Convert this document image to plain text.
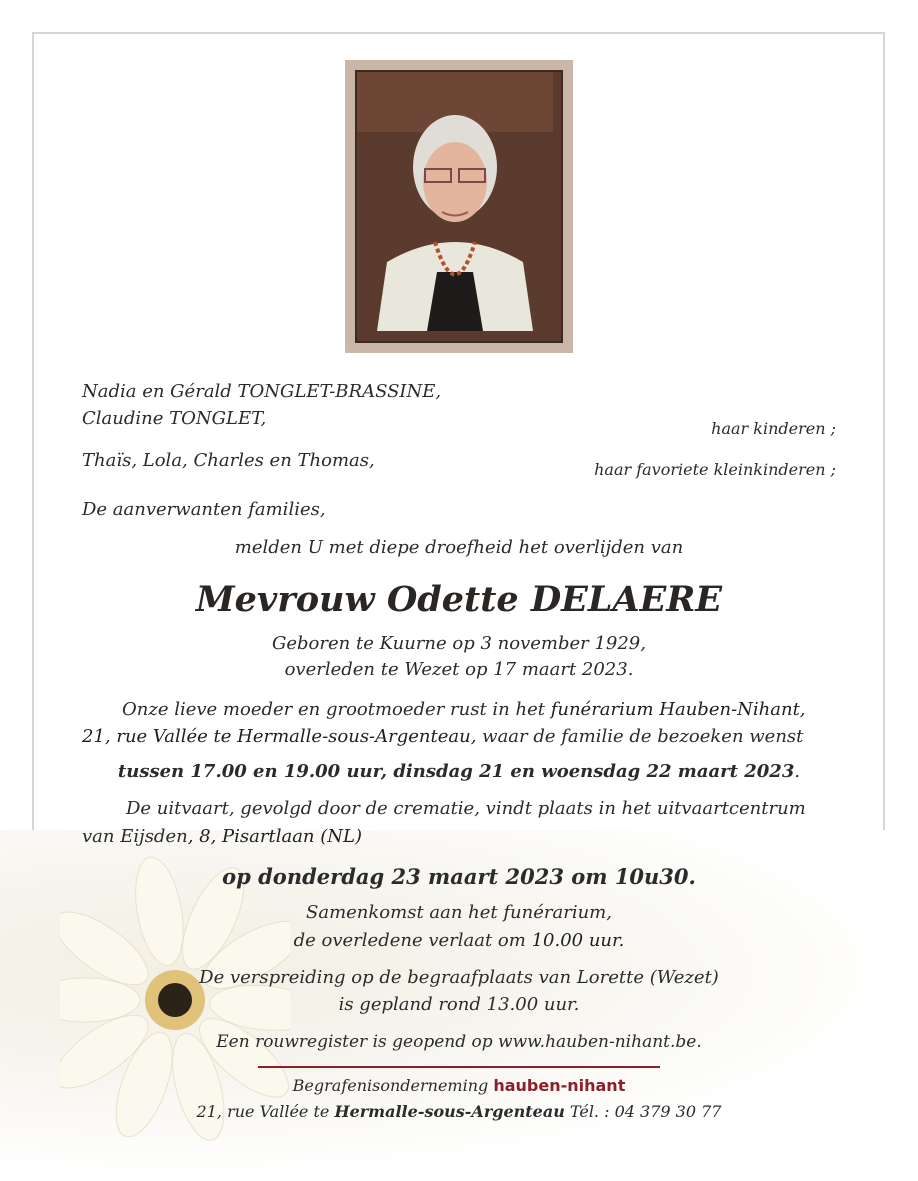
Nadia en Gérald TONGLET-BRASSINE,
Claudine TONGLET,	haar kinderen ;
Thaïs, Lola, Charles en Thomas,	haar favoriete kleinkinderen ;
De aanverwanten families,
melden U met diepe droefheid het overlijden van
Mevrouw Odette DELAERE
Geboren te Kuurne op 3 november 1929,
overleden te Wezet op 17 maart 2023.
Onze lieve moeder en grootmoeder rust in het funérarium Hauben-Nihant,
21, rue Vallée te Hermalle-sous-Argenteau, waar de familie de bezoeken wenst
tussen 17.00 en 19.00 uur, dinsdag 21 en woensdag 22 maart 2023.
De uitvaart, gevolgd door de crematie, vindt plaats in het uitvaartcentrum
van Eijsden, 8, Pisartlaan (NL)
op donderdag 23 maart 2023 om 10u30.
Samenkomst aan het funérarium,
de overledene verlaat om 10.00 uur.
De verspreiding op de begraafplaats van Lorette (Wezet)
is gepland rond 13.00 uur.
Een rouwregister is geopend op www.hauben-nihant.be.
Begrafenisonderneming hauben-nihant
21, rue Vallée te Hermalle-sous-Argenteau Tél. : 04 379 30 77
